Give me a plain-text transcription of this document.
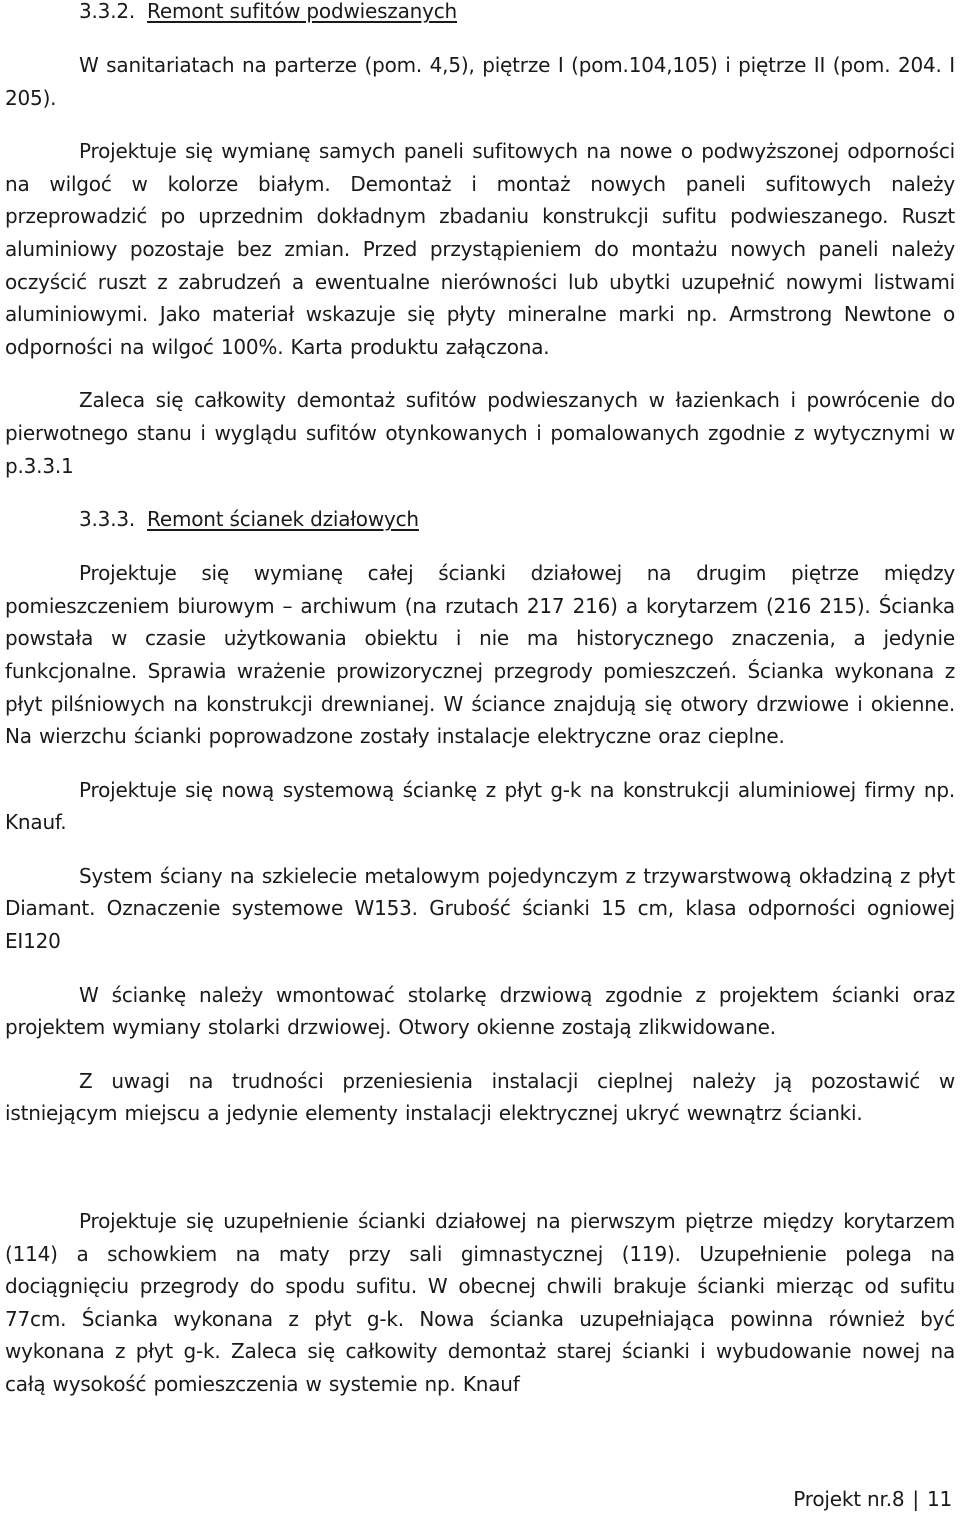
3.3.2. Remont sufitów podwieszanych

W sanitariatach na parterze (pom. 4,5), piętrze I (pom.104,105) i piętrze II (pom. 204. I 205).

Projektuje się wymianę samych paneli sufitowych na nowe o podwyższonej odporności na wilgoć w kolorze białym. Demontaż i montaż nowych paneli sufitowych należy przeprowadzić po uprzednim dokładnym zbadaniu konstrukcji sufitu podwieszanego. Ruszt aluminiowy pozostaje bez zmian. Przed przystąpieniem do montażu nowych paneli należy oczyścić ruszt z zabrudzeń a ewentualne nierówności lub ubytki uzupełnić nowymi listwami aluminiowymi. Jako materiał wskazuje się płyty mineralne marki np. Armstrong Newtone o odporności na wilgoć 100%. Karta produktu załączona.

Zaleca się całkowity demontaż sufitów podwieszanych w łazienkach i powrócenie do pierwotnego stanu i wyglądu sufitów otynkowanych i pomalowanych zgodnie z wytycznymi w p.3.3.1

3.3.3. Remont ścianek działowych

Projektuje się wymianę całej ścianki działowej na drugim piętrze między pomieszczeniem biurowym – archiwum (na rzutach 217 216) a korytarzem (216 215). Ścianka powstała w czasie użytkowania obiektu i nie ma historycznego znaczenia, a jedynie funkcjonalne. Sprawia wrażenie prowizorycznej przegrody pomieszczeń. Ścianka wykonana z płyt pilśniowych na konstrukcji drewnianej. W ściance znajdują się otwory drzwiowe i okienne. Na wierzchu ścianki poprowadzone zostały instalacje elektryczne oraz cieplne.

Projektuje się nową systemową ściankę z płyt g-k na konstrukcji aluminiowej firmy np. Knauf.

System ściany na szkielecie metalowym pojedynczym z trzywarstwową okładziną z płyt Diamant. Oznaczenie systemowe W153. Grubość ścianki 15 cm, klasa odporności ogniowej EI120

W ściankę należy wmontować stolarkę drzwiową zgodnie z projektem ścianki oraz projektem wymiany stolarki drzwiowej. Otwory okienne zostają zlikwidowane.

Z uwagi na trudności przeniesienia instalacji cieplnej należy ją pozostawić w istniejącym miejscu a jedynie elementy instalacji elektrycznej ukryć wewnątrz ścianki.

Projektuje się uzupełnienie ścianki działowej na pierwszym piętrze między korytarzem (114) a schowkiem na maty przy sali gimnastycznej (119). Uzupełnienie polega na dociągnięciu przegrody do spodu sufitu. W obecnej chwili brakuje ścianki mierząc od sufitu 77cm. Ścianka wykonana z płyt g-k. Nowa ścianka uzupełniająca powinna również być wykonana z płyt g-k. Zaleca się całkowity demontaż starej ścianki i wybudowanie nowej na całą wysokość pomieszczenia w systemie np. Knauf

Projekt nr.8 | 11
